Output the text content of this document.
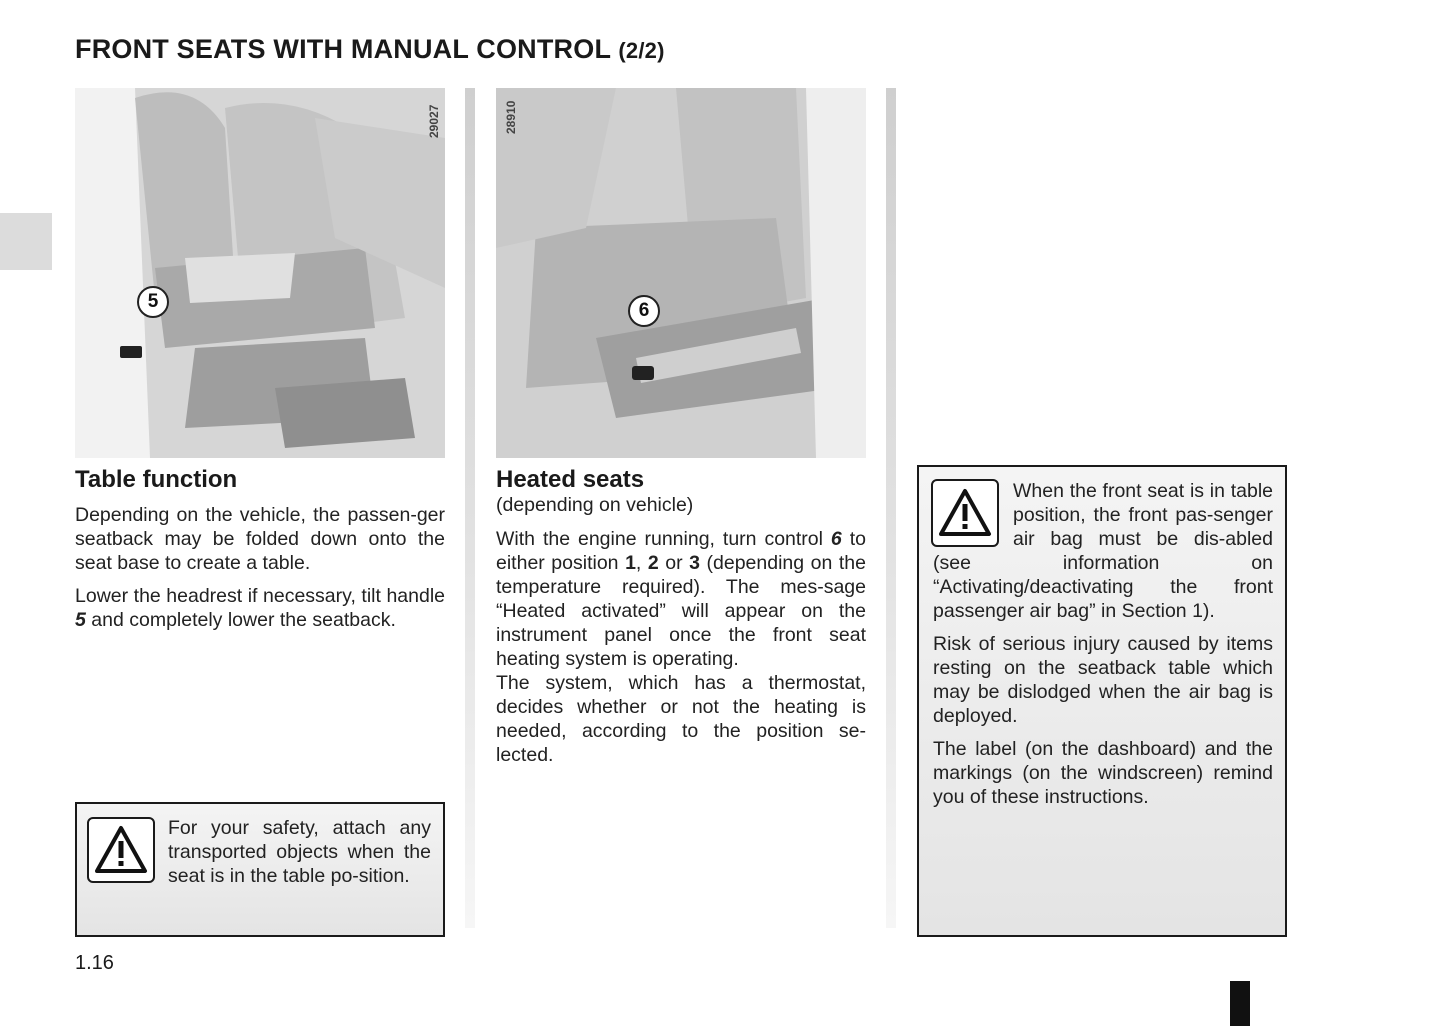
FRONT SEATS WITH MANUAL CONTROL (2/2)
29027
5
28910
6
Table function

Depending on the vehicle, the passen-ger seatback may be folded down onto the seat base to create a table.

Lower the headrest if necessary, tilt handle 5 and completely lower the seatback.

Heated seats
(depending on vehicle)

With the engine running, turn control 6 to either position 1, 2 or 3 (depending on the temperature required). The mes-sage “Heated activated” will appear on the instrument panel once the front seat heating system is operating.

The system, which has a thermostat, decides whether or not the heating is needed, according to the position se-lected.

For your safety, attach any transported objects when the seat is in the table po-sition.

When the front seat is in table position, the front pas-senger air bag must be dis-abled (see information on “Activating/deactivating the front passenger air bag” in Section 1).

Risk of serious injury caused by items resting on the seatback table which may be dislodged when the air bag is deployed.

The label (on the dashboard) and the markings (on the windscreen) remind you of these instructions.

1.16
